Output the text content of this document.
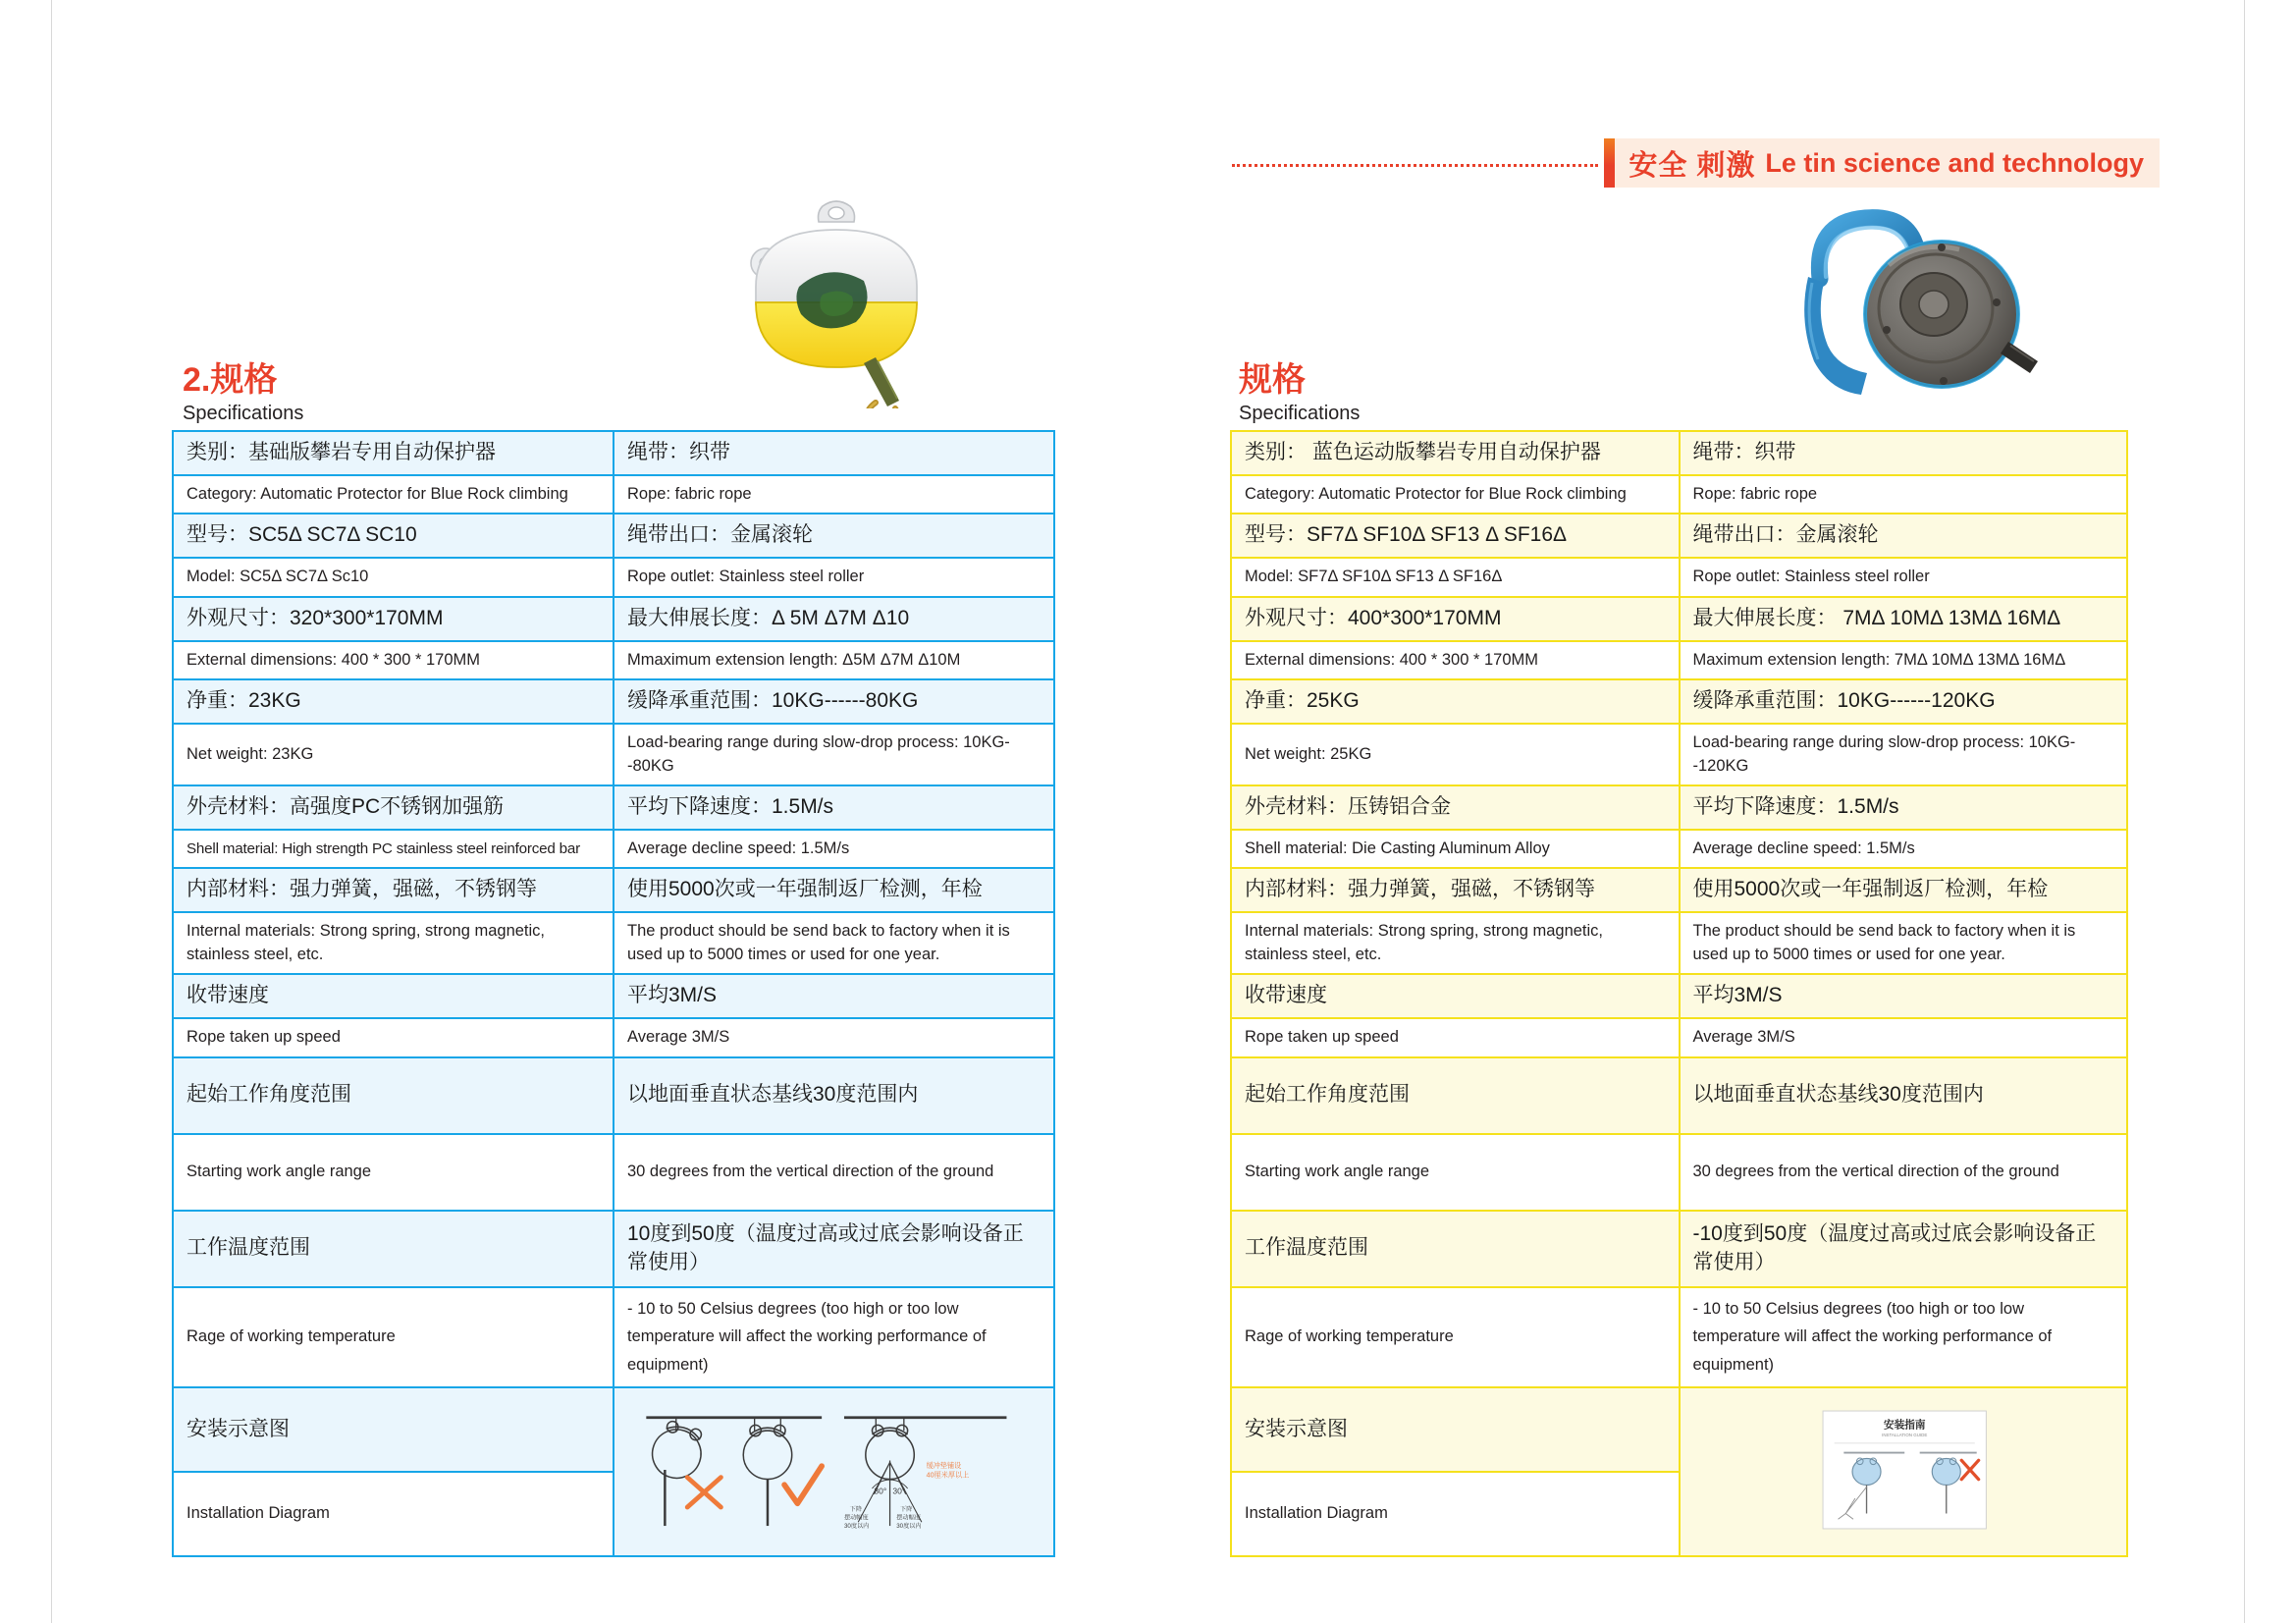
安全 刺激 Le tin science and technology
2.规格
Specifications
规格
Specifications
类别：基础版攀岩专用自动保护器	绳带：织带
Category: Automatic Protector for Blue Rock climbing	Rope: fabric rope
型号：SC5Δ SC7Δ SC10	绳带出口：金属滚轮
Model: SC5Δ SC7Δ Sc10	Rope outlet: Stainless steel roller
外观尺寸：320*300*170MM	最大伸展长度：Δ 5M Δ7M Δ10
External dimensions: 400 * 300 * 170MM	Mmaximum extension length: Δ5M Δ7M Δ10M
净重：23KG	缓降承重范围：10KG------80KG
Net weight: 23KG	Load-bearing range during slow-drop process: 10KG--80KG
外壳材料：高强度PC不锈钢加强筋	平均下降速度：1.5M/s
Shell material: High strength PC stainless steel reinforced bar	Average decline speed: 1.5M/s
内部材料：强力弹簧，强磁，不锈钢等	使用5000次或一年强制返厂检测，年检
Internal materials: Strong spring, strong magnetic, stainless steel, etc.	The product should be send back to factory when it is used up to 5000 times or used for one year.
收带速度	平均3M/S
Rope taken up speed	Average 3M/S
起始工作角度范围	以地面垂直状态基线30度范围内
Starting work angle range	30 degrees from the vertical direction of the ground
工作温度范围	10度到50度（温度过高或过底会影响设备正常使用）
Rage of working temperature	- 10 to 50 Celsius degrees (too high or too low temperature will affect the working performance of equipment)
安装示意图	
30° 30°
缓冲垫铺设
40厘米厚以上
下降
摆动幅度
30度以内
下降
摆动幅度
30度以内

Installation Diagram	
类别： 蓝色运动版攀岩专用自动保护器	绳带：织带
Category: Automatic Protector for Blue Rock climbing	Rope: fabric rope
型号：SF7Δ SF10Δ SF13 Δ SF16Δ	绳带出口：金属滚轮
Model: SF7Δ SF10Δ SF13 Δ SF16Δ	Rope outlet: Stainless steel roller
外观尺寸：400*300*170MM	最大伸展长度： 7MΔ 10MΔ 13MΔ 16MΔ
External dimensions: 400 * 300 * 170MM	Maximum extension length: 7MΔ 10MΔ 13MΔ 16MΔ
净重：25KG	缓降承重范围：10KG------120KG
Net weight: 25KG	Load-bearing range during slow-drop process: 10KG--120KG
外壳材料：压铸铝合金	平均下降速度：1.5M/s
Shell material: Die Casting Aluminum Alloy	Average decline speed: 1.5M/s
内部材料：强力弹簧，强磁，不锈钢等	使用5000次或一年强制返厂检测，年检
Internal materials: Strong spring, strong magnetic, stainless steel, etc.	The product should be send back to factory when it is used up to 5000 times or used for one year.
收带速度	平均3M/S
Rope taken up speed	Average 3M/S
起始工作角度范围	以地面垂直状态基线30度范围内
Starting work angle range	30 degrees from the vertical direction of the ground
工作温度范围	-10度到50度（温度过高或过底会影响设备正常使用）
Rage of working temperature	- 10 to 50 Celsius degrees (too high or too low temperature will affect the working performance of equipment)
安装示意图	安装指南
INSTALLATION GUIDE

Installation Diagram	
